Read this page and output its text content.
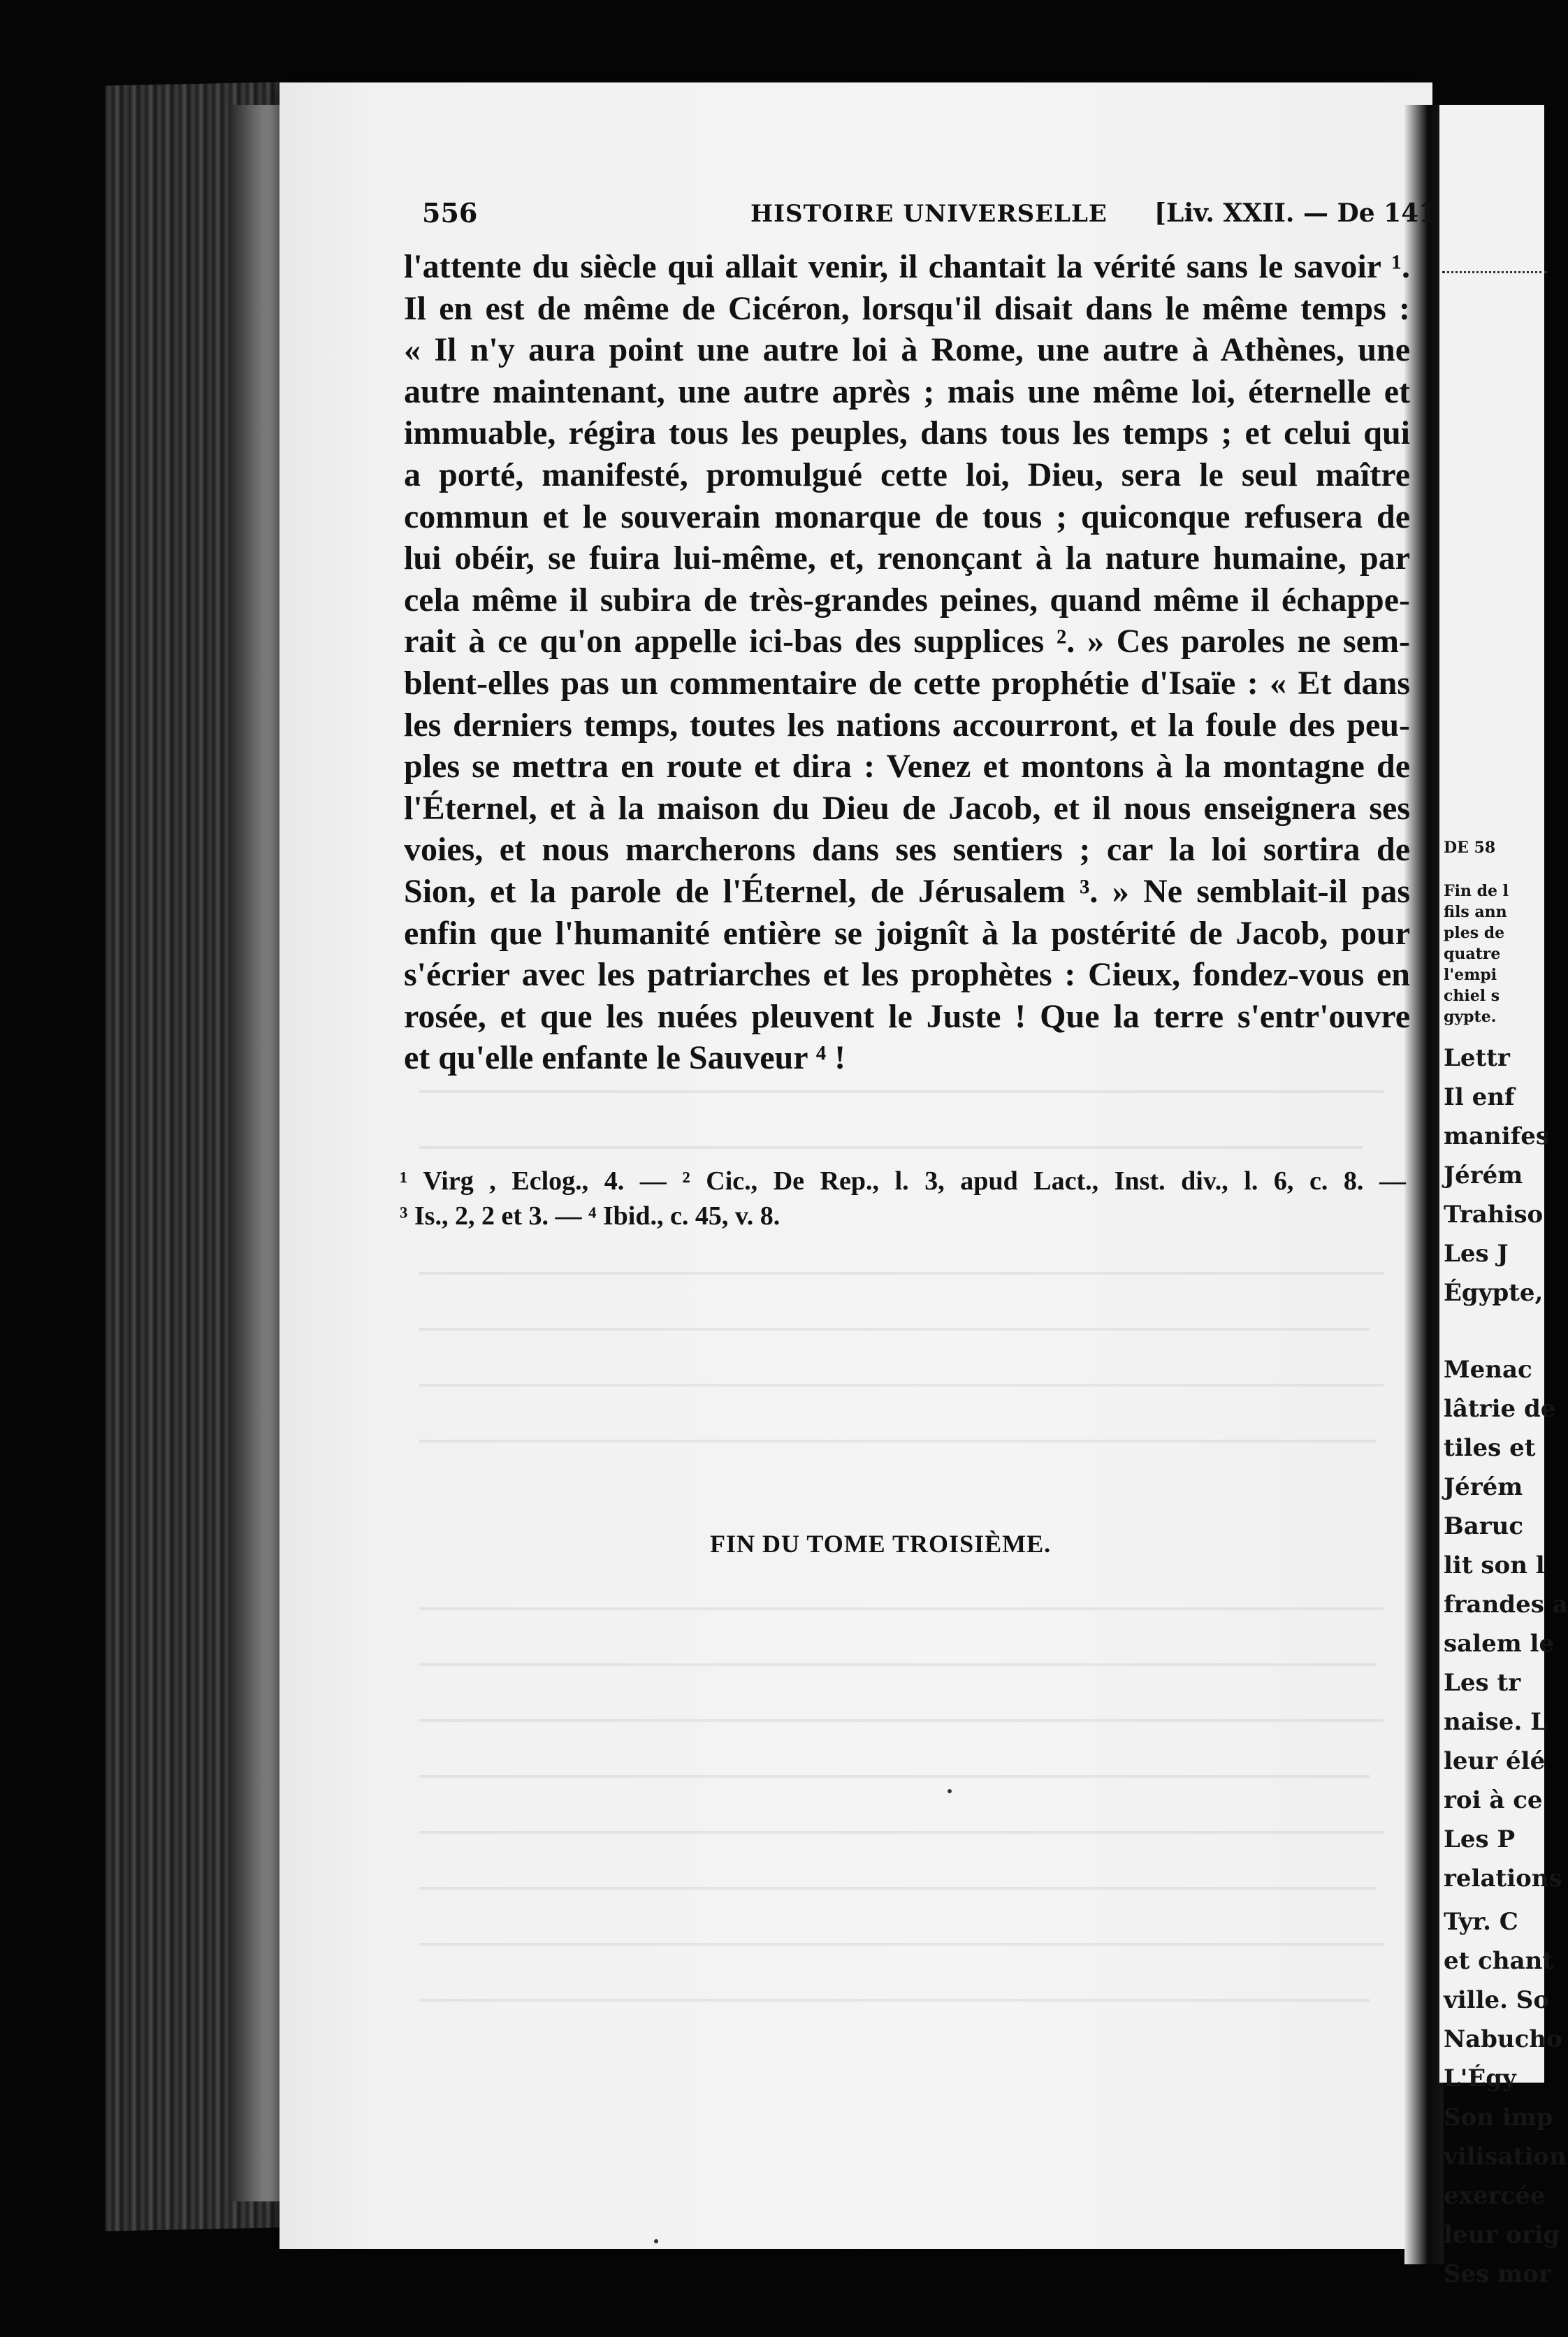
DE 58
Fin de l
fils ann
ples de
quatre
l'empi
chiel s
gypte.
Lettr
Il enf
manifes
Jérém
Trahiso
Les J
Égypte,
Menac
lâtrie de
tiles et
Jérém
Baruc
lit son l
frandes a
salem le
Les tr
naise. L
leur élé
roi à ce
Les P
relations
Tyr. C
et chant
ville. So
Nabucho
L'Égy
Son imp
vilisation
exercée
leur orig
Ses mor
556	HISTOIRE UNIVERSELLE [Liv. XXII. — De 141
l'attente du siècle qui allait venir, il chantait la vérité sans le savoir ¹.
Il en est de même de Cicéron, lorsqu'il disait dans le même temps :
« Il n'y aura point une autre loi à Rome, une autre à Athènes, une
autre maintenant, une autre après ; mais une même loi, éternelle et
immuable, régira tous les peuples, dans tous les temps ; et celui qui
a porté, manifesté, promulgué cette loi, Dieu, sera le seul maître
commun et le souverain monarque de tous ; quiconque refusera de
lui obéir, se fuira lui-même, et, renonçant à la nature humaine, par
cela même il subira de très-grandes peines, quand même il échappe-
rait à ce qu'on appelle ici-bas des supplices ². » Ces paroles ne sem-
blent-elles pas un commentaire de cette prophétie d'Isaïe : « Et dans
les derniers temps, toutes les nations accourront, et la foule des peu-
ples se mettra en route et dira : Venez et montons à la montagne de
l'Éternel, et à la maison du Dieu de Jacob, et il nous enseignera ses
voies, et nous marcherons dans ses sentiers ; car la loi sortira de
Sion, et la parole de l'Éternel, de Jérusalem ³. » Ne semblait-il pas
enfin que l'humanité entière se joignît à la postérité de Jacob, pour
s'écrier avec les patriarches et les prophètes : Cieux, fondez-vous en
rosée, et que les nuées pleuvent le Juste ! Que la terre s'entr'ouvre
et qu'elle enfante le Sauveur ⁴ !
¹ Virg , Eclog., 4. — ² Cic., De Rep., l. 3, apud Lact., Inst. div., l. 6, c. 8. —
³ Is., 2, 2 et 3. — ⁴ Ibid., c. 45, v. 8.
FIN DU TOME TROISIÈME.
